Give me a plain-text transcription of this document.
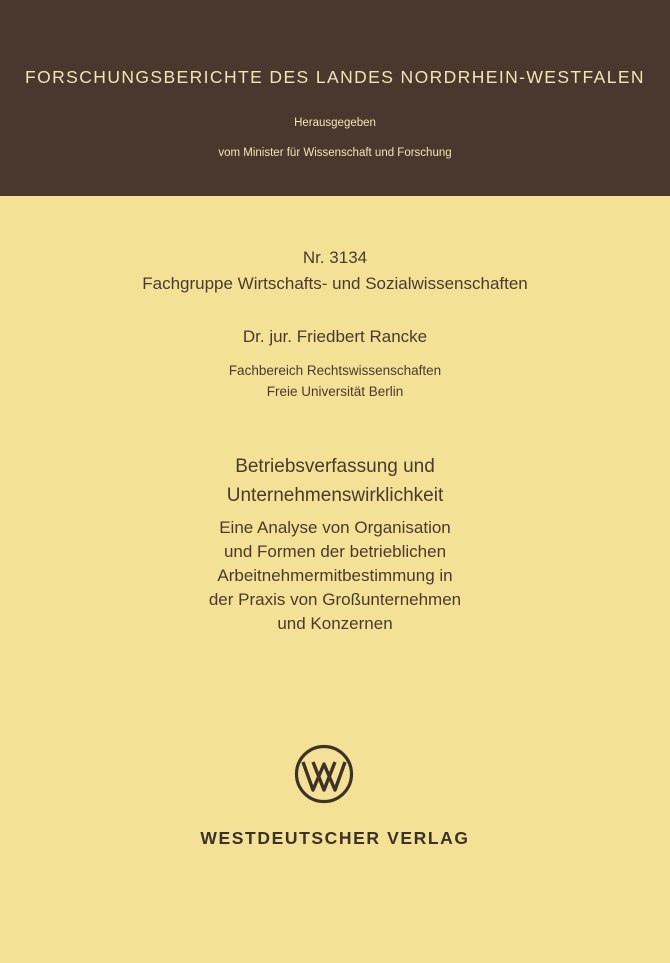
FORSCHUNGSBERICHTE DES LANDES NORDRHEIN-WESTFALEN
Herausgegeben
vom Minister für Wissenschaft und Forschung
Nr. 3134
Fachgruppe Wirtschafts- und Sozialwissenschaften
Dr. jur. Friedbert Rancke
Fachbereich Rechtswissenschaften
Freie Universität Berlin
Betriebsverfassung und
Unternehmenswirklichkeit
Eine Analyse von Organisation
und Formen der betrieblichen
Arbeitnehmermitbestimmung in
der Praxis von Großunternehmen
und Konzernen
WESTDEUTSCHER VERLAG
